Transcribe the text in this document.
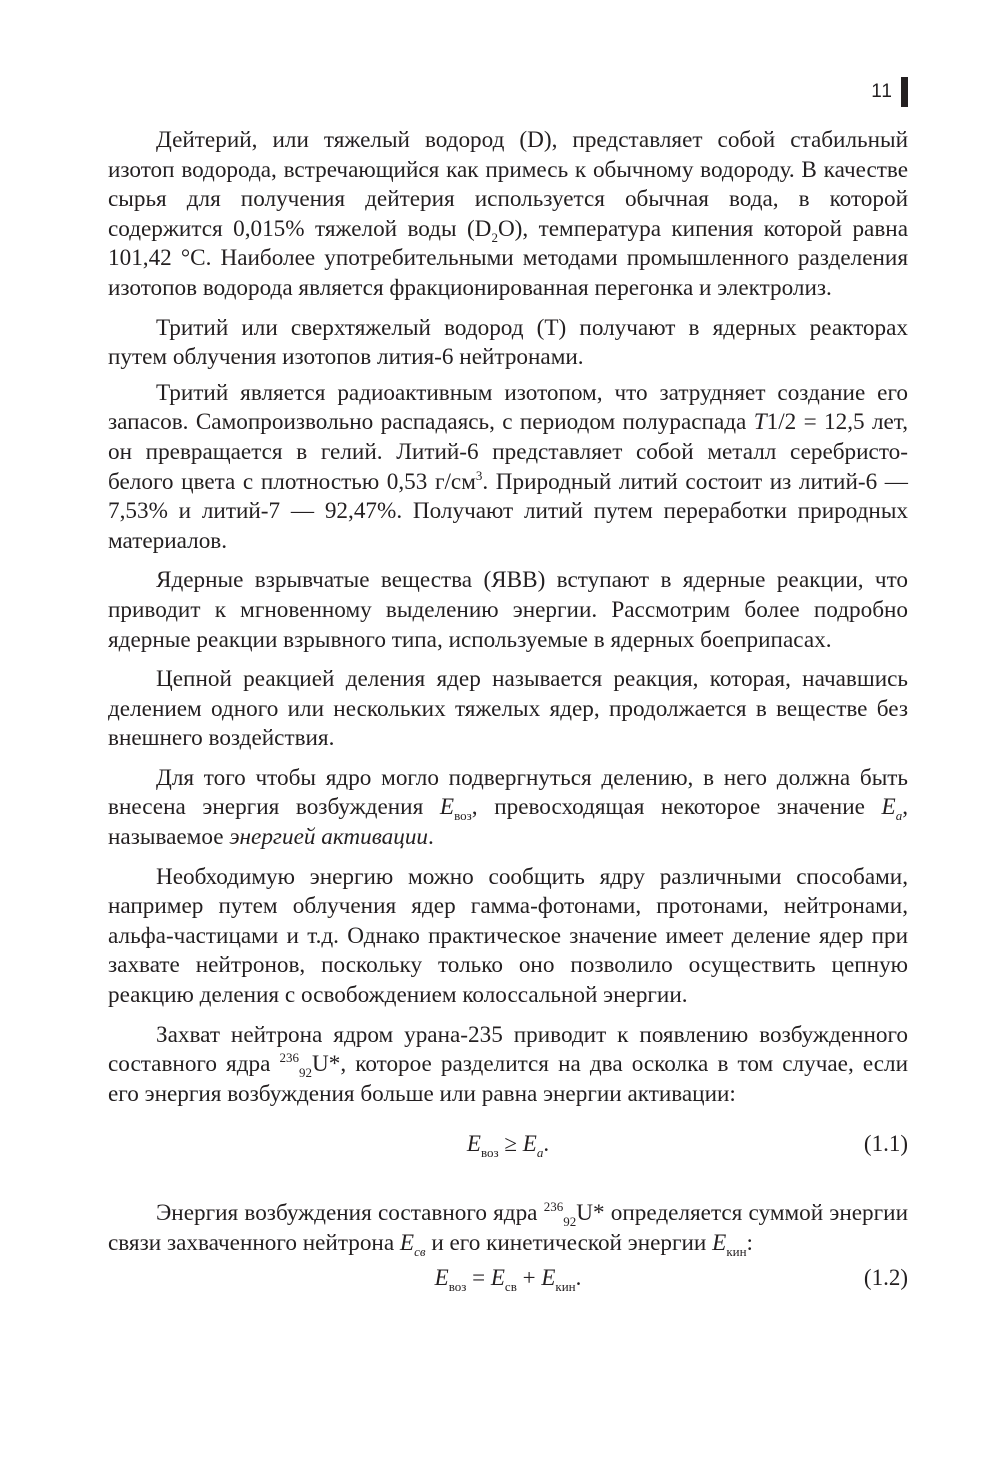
11

Дейтерий, или тяжелый водород (D), представляет собой стабильный изотоп водорода, встречающийся как примесь к обычному водороду. В качестве сырья для получения дейтерия используется обычная вода, в которой содержится 0,015% тяжелой воды $(D_2O)$, температура кипения которой равна 101,42 °С. Наиболее употребительными методами промышленного разделения изотопов водорода является фракционированная перегонка и электролиз.

Тритий или сверхтяжелый водород (T) получают в ядерных реакторах путем облучения изотопов лития-6 нейтронами.

Тритий является радиоактивным изотопом, что затрудняет создание его запасов. Самопроизвольно распадаясь, с периодом полураспада T1/2 = 12,5 лет, он превращается в гелий. Литий-6 представляет собой металл серебристо-белого цвета с плотностью 0,53 $г/см^3$. Природный литий состоит из литий-6 — 7,53% и литий-7 — 92,47%. Получают литий путем переработки природных материалов.

Ядерные взрывчатые вещества (ЯВВ) вступают в ядерные реакции, что приводит к мгновенному выделению энергии. Рассмотрим более подробно ядерные реакции взрывного типа, используемые в ядерных боеприпасах.

Цепной реакцией деления ядер называется реакция, которая, начавшись делением одного или нескольких тяжелых ядер, продолжается в веществе без внешнего воздействия.

Для того чтобы ядро могло подвергнуться делению, в него должна быть внесена энергия возбуждения $E_{воз}$, превосходящая некоторое значение $E_a$, называемое энергией активации.

Необходимую энергию можно сообщить ядру различными способами, например путем облучения ядер гамма-фотонами, протонами, нейтронами, альфа-частицами и т.д. Однако практическое значение имеет деление ядер при захвате нейтронов, поскольку только оно позволило осуществить цепную реакцию деления с освобождением колоссальной энергии.

Захват нейтрона ядром урана-235 приводит к появлению возбужденного составного ядра $^{236}_{92}$U*, которое разделится на два осколка в том случае, если его энергия возбуждения больше или равна энергии активации:

$E_{воз} \ge E_a$.	(1.1)

Энергия возбуждения составного ядра $^{236}_{92}$U* определяется суммой энергии связи захваченного нейтрона $E_{св}$ и его кинетической энергии $E_{кин}$:

$E_{воз} = E_{св} + E_{кин}$.	(1.2)
